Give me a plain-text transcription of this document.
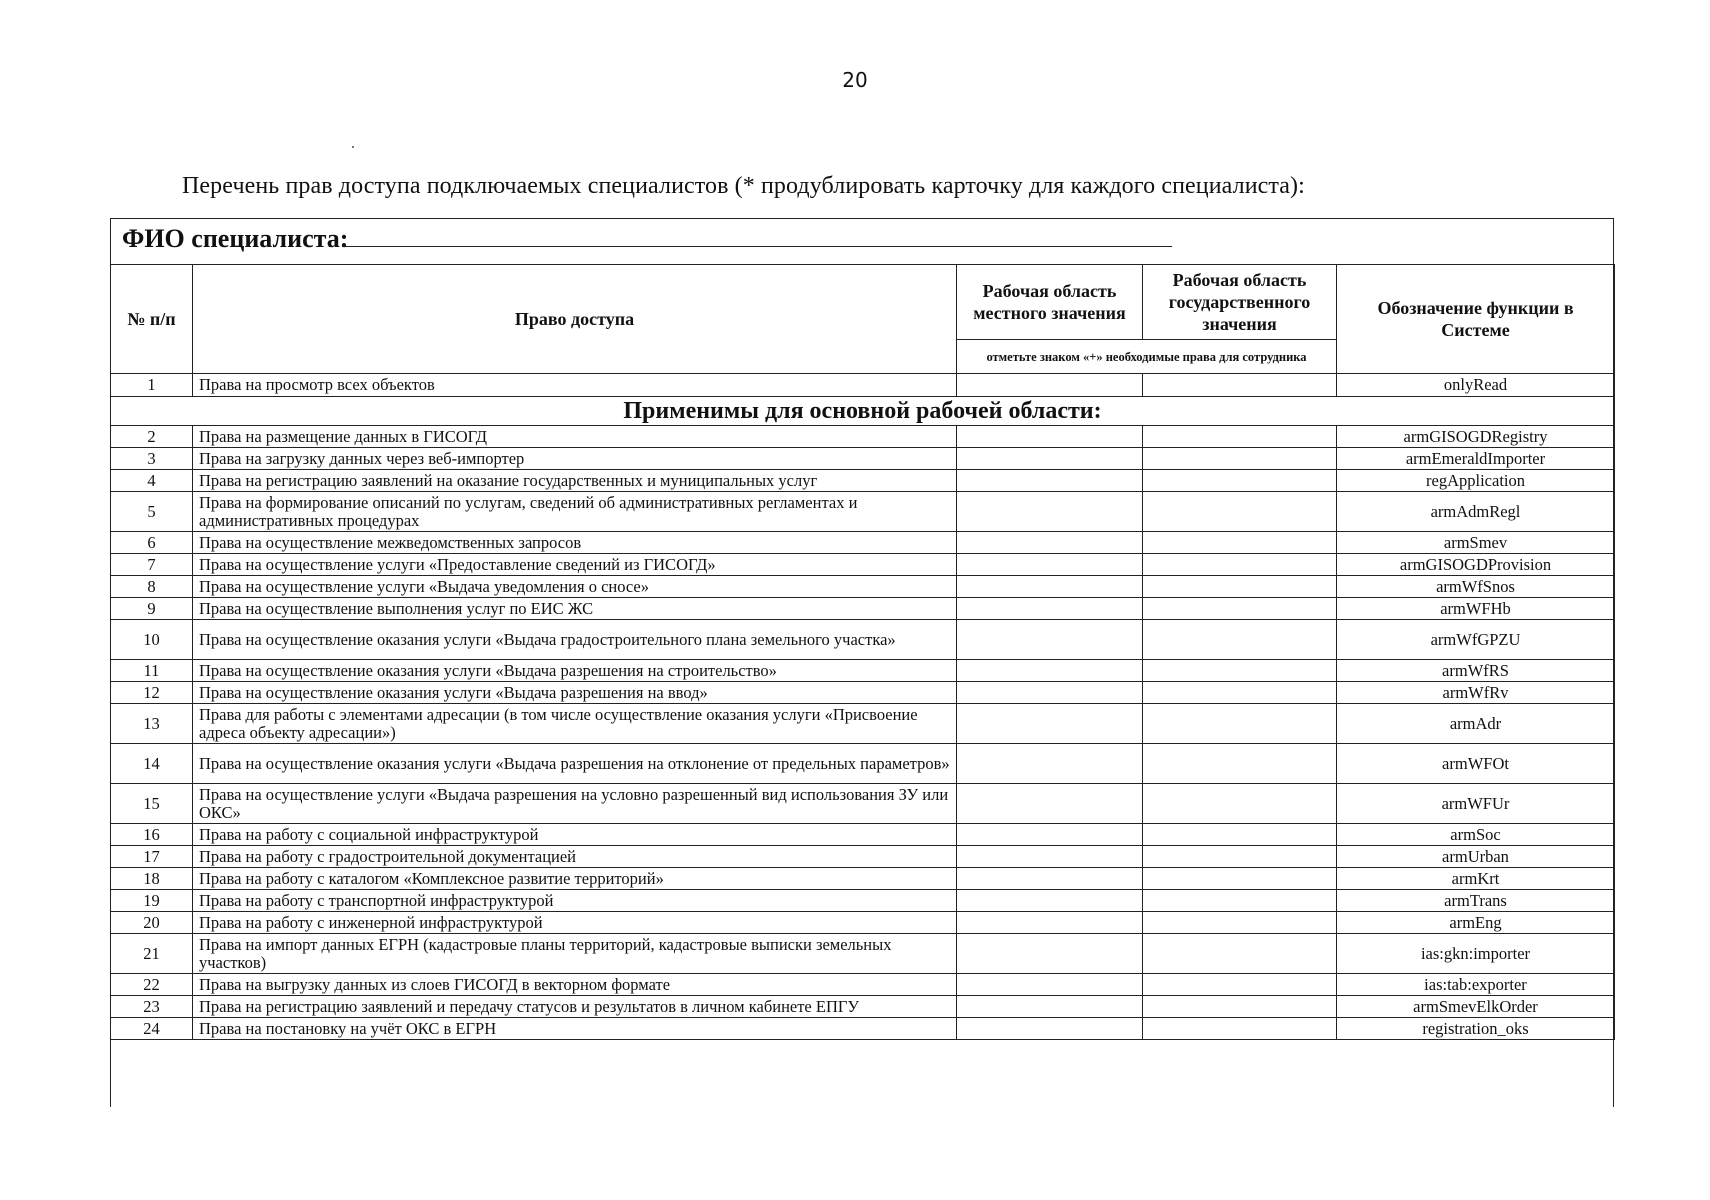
20
Перечень прав доступа подключаемых специалистов (* продублировать карточку для каждого специалиста):
ФИО специалиста:
№ п/п	Право доступа	Рабочая область местного значения	Рабочая область государственного значения	Обозначение функции в Системе
		отметьте знаком «+» необходимые права для сотрудника		
1	Права на просмотр всех объектов			onlyRead
Применимы для основной рабочей области:				
2	Права на размещение данных в ГИСОГД			armGISOGDRegistry
3	Права на загрузку данных через веб-импортер			armEmeraldImporter
4	Права на регистрацию заявлений на оказание государственных и муниципальных услуг			regApplication
5	Права на формирование описаний по услугам, сведений об административных регламентах и административных процедурах			armAdmRegl
6	Права на осуществление межведомственных запросов			armSmev
7	Права на осуществление услуги «Предоставление сведений из ГИСОГД»			armGISOGDProvision
8	Права на осуществление услуги «Выдача уведомления о сносе»			armWfSnos
9	Права на осуществление выполнения услуг по ЕИС ЖС			armWFHb
10	Права на осуществление оказания услуги «Выдача градостроительного плана земельного участка»			armWfGPZU
11	Права на осуществление оказания услуги «Выдача разрешения на строительство»			armWfRS
12	Права на осуществление оказания услуги «Выдача разрешения на ввод»			armWfRv
13	Права для работы с элементами адресации (в том числе осуществление оказания услуги «Присвоение адреса объекту адресации»)			armAdr
14	Права на осуществление оказания услуги «Выдача разрешения на отклонение от предельных параметров»			armWFOt
15	Права на осуществление услуги «Выдача разрешения на условно разрешенный вид использования ЗУ или ОКС»			armWFUr
16	Права на работу с социальной инфраструктурой			armSoc
17	Права на работу с градостроительной документацией			armUrban
18	Права на работу с каталогом «Комплексное развитие территорий»			armKrt
19	Права на работу с транспортной инфраструктурой			armTrans
20	Права на работу с инженерной инфраструктурой			armEng
21	Права на импорт данных ЕГРН (кадастровые планы территорий, кадастровые выписки земельных участков)			ias:gkn:importer
22	Права на выгрузку данных из слоев ГИСОГД в векторном формате			ias:tab:exporter
23	Права на регистрацию заявлений и передачу статусов и результатов в личном кабинете ЕПГУ			armSmevElkOrder
24	Права на постановку на учёт ОКС в ЕГРН			registration_oks
